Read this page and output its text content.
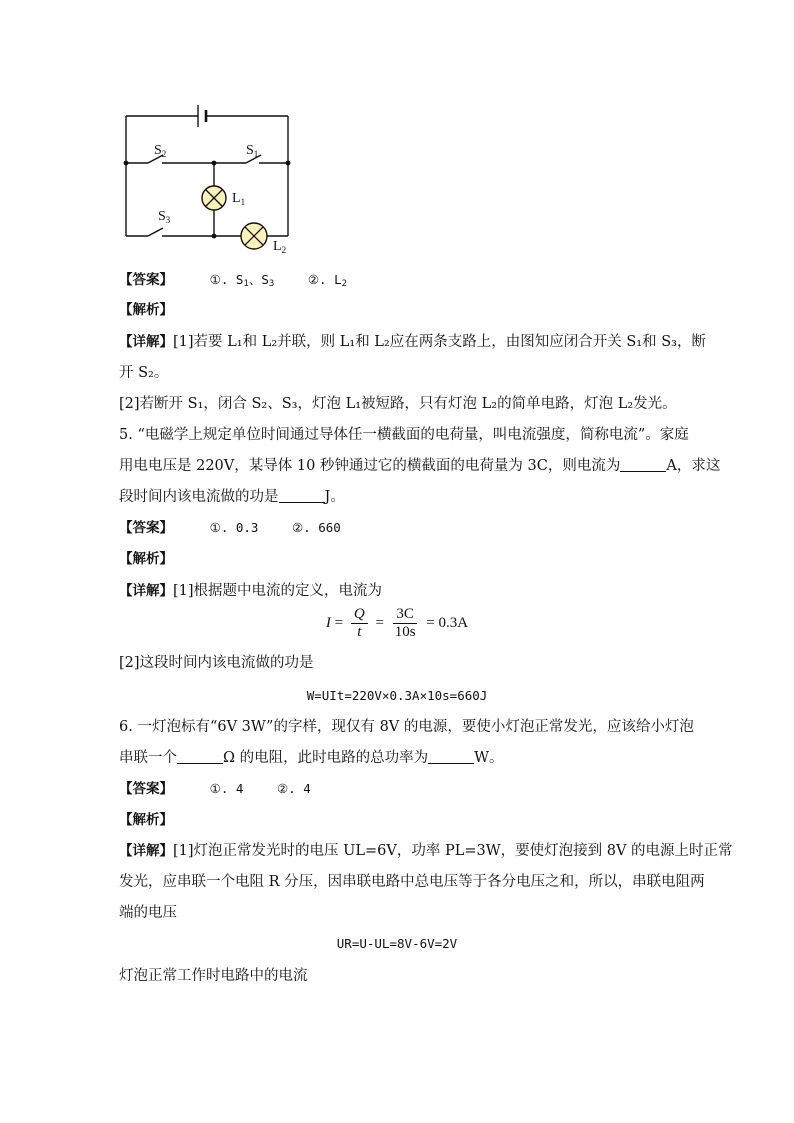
$S_2$	$S_1$
$S_3$
$L_1$
$L_2$
【答案】	①. $S_1$、$S_3$	②. $L_2$
【解析】
【详解】[1]若要 L₁和 L₂并联，则 L₁和 L₂应在两条支路上，由图知应闭合开关 S₁和 S₃，断
开 S₂。
[2]若断开 S₁，闭合 S₂、S₃，灯泡 L₁被短路，只有灯泡 L₂的简单电路，灯泡 L₂发光。
5. “电磁学上规定单位时间通过导体任一横截面的电荷量，叫电流强度，简称电流”。家庭
用电电压是 220V，某导体 10 秒钟通过它的横截面的电荷量为 3C，则电流为	A，求这
段时间内该电流做的功是	J。
【答案】	①. 0.3	②. 660
【解析】
【详解】[1]根据题中电流的定义，电流为
$I = \frac{Q}{t} = \frac{3C}{10s} = 0.3A$
[2]这段时间内该电流做的功是
W=UIt=220V×0.3A×10s=660J
6. 一灯泡标有“6V 3W”的字样，现仅有 8V 的电源，要使小灯泡正常发光，应该给小灯泡
串联一个	Ω 的电阻，此时电路的总功率为	W。
【答案】	①. 4	②. 4
【解析】
【详解】[1]灯泡正常发光时的电压 UL=6V，功率 PL=3W，要使灯泡接到 8V 的电源上时正常
发光，应串联一个电阻 R 分压，因串联电路中总电压等于各分电压之和，所以，串联电阻两
端的电压
UR=U-UL=8V-6V=2V
灯泡正常工作时电路中的电流
